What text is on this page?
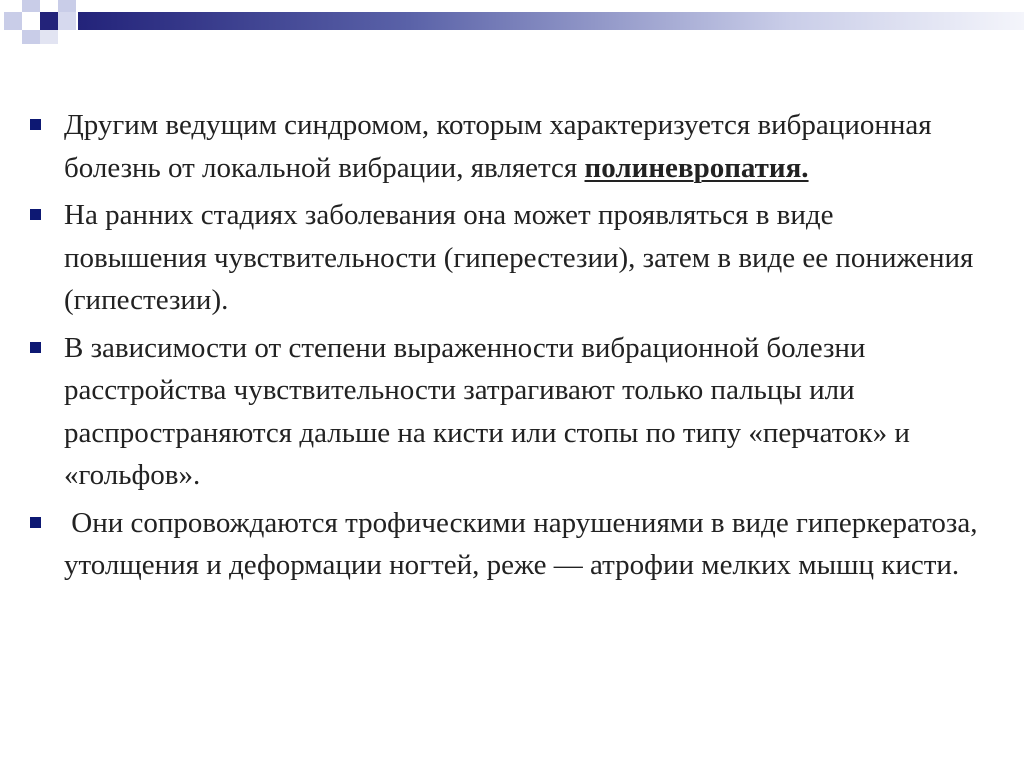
Другим ведущим синдромом, которым характеризуется вибрационная болезнь от локальной вибрации, является полиневропатия.
На ранних стадиях заболевания она может проявляться в виде повышения чувствительности (гиперестезии), затем в виде ее понижения (гипестезии).
В зависимости от степени выраженности вибрационной болезни расстройства чувствительности затрагивают только пальцы или распространяются дальше на кисти или стопы по типу «перчаток» и «гольфов».
Они сопровождаются трофическими нарушениями в виде гиперкератоза, утолщения и деформации ногтей, реже — атрофии мелких мышц кисти.
